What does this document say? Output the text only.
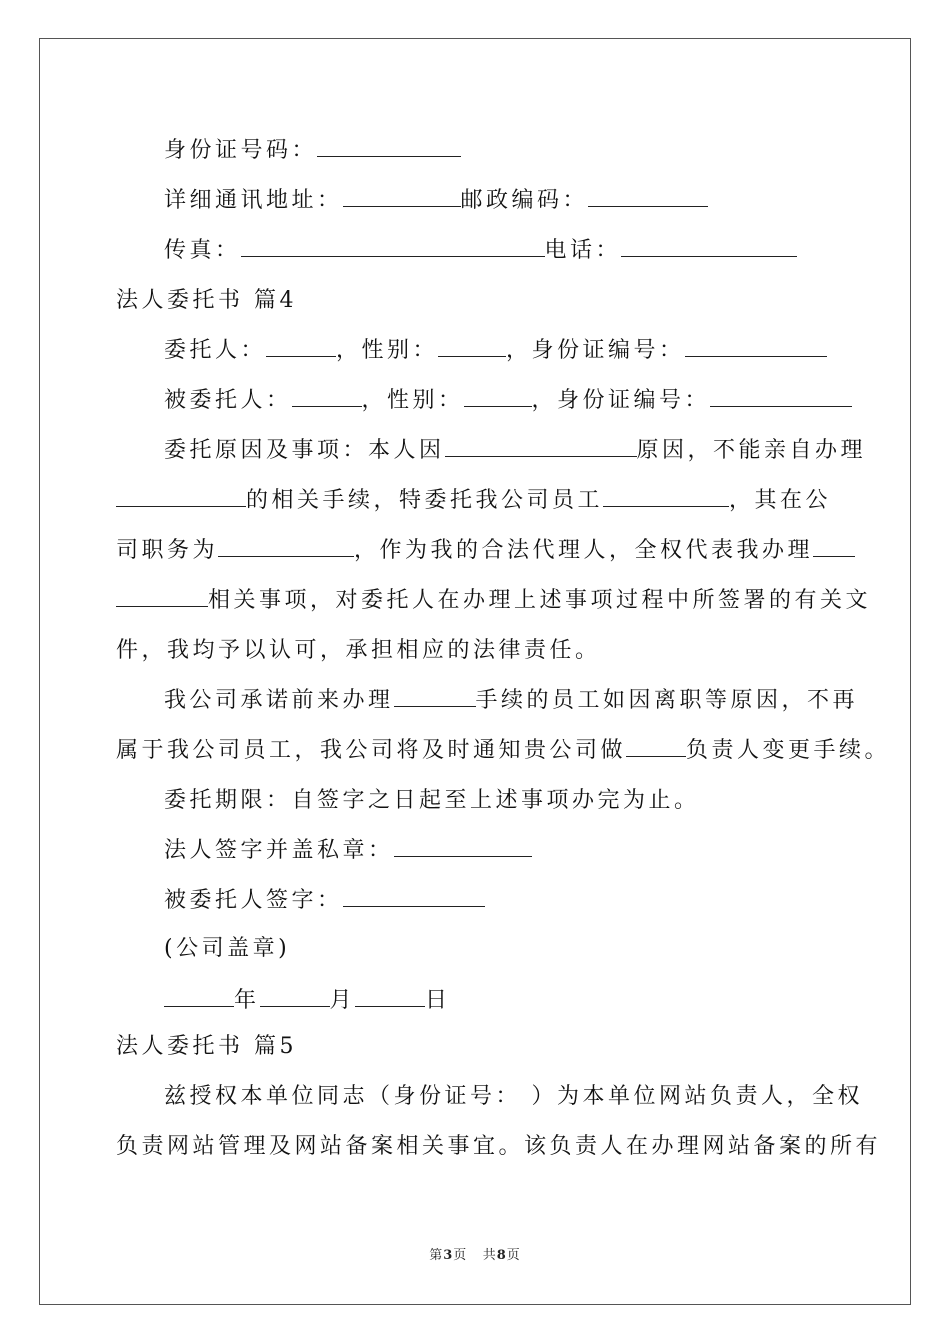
身份证号码：
详细通讯地址：	邮政编码：
传真：	电话：
法人委托书 篇4
委托人：	，性别：	，身份证编号：
被委托人：	，性别：	，身份证编号：
委托原因及事项：本人因	原因，不能亲自办理
的相关手续，特委托我公司员工	，其在公
司职务为	，作为我的合法代理人，全权代表我办理
相关事项，对委托人在办理上述事项过程中所签署的有关文
件，我均予以认可，承担相应的法律责任。
我公司承诺前来办理	手续的员工如因离职等原因，不再
属于我公司员工，我公司将及时通知贵公司做	负责人变更手续。
委托期限：自签字之日起至上述事项办完为止。
法人签字并盖私章：
被委托人签字：
(公司盖章)
年	月	日
法人委托书 篇5
兹授权本单位同志（身份证号： ）为本单位网站负责人，全权
负责网站管理及网站备案相关事宜。该负责人在办理网站备案的所有
第3页   共8页
